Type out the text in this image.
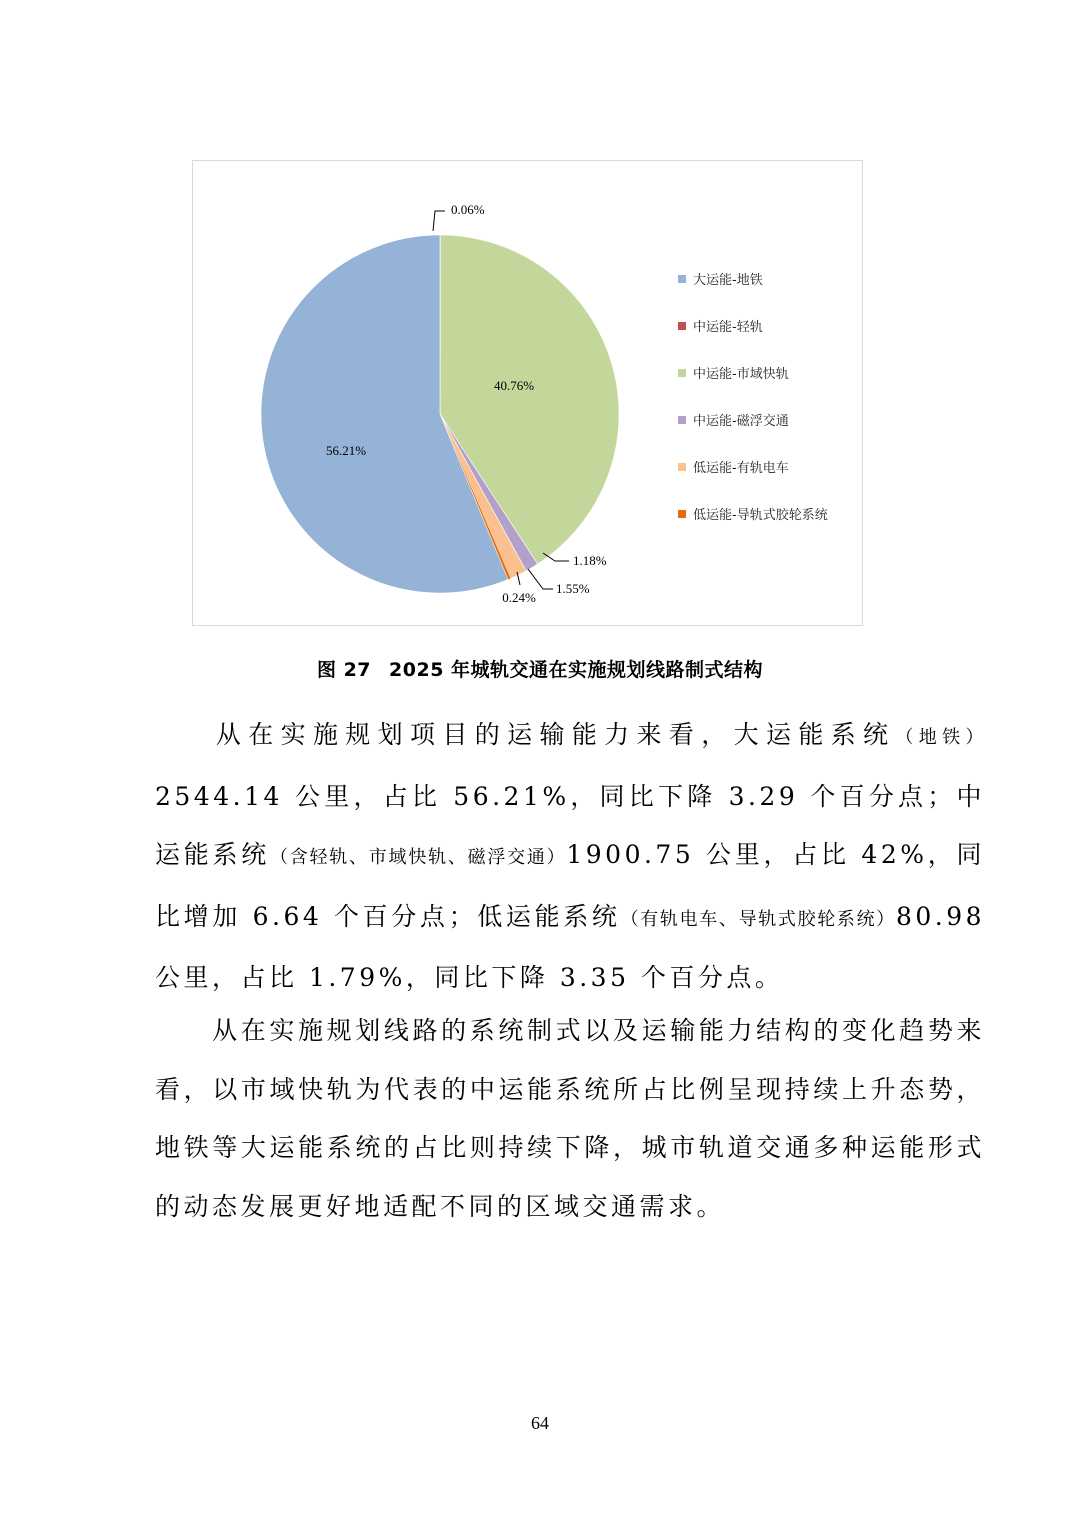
56.21%
40.76%
0.06%
1.18%
1.55%
0.24%
大运能-地铁
中运能-轻轨
中运能-市域快轨
中运能-磁浮交通
低运能-有轨电车
低运能-导轨式胶轮系统
图 27 2025 年城轨交通在实施规划线路制式结构
从在实施规划项目的运输能力来看，大运能系统（地铁）2544.14 公里，占比 56.21%，同比下降 3.29 个百分点；中运能系统（含轻轨、市域快轨、磁浮交通）1900.75 公里，占比 42%，同比增加 6.64 个百分点；低运能系统（有轨电车、导轨式胶轮系统）80.98 公里，占比 1.79%，同比下降 3.35 个百分点。
从在实施规划线路的系统制式以及运输能力结构的变化趋势来看，以市域快轨为代表的中运能系统所占比例呈现持续上升态势，地铁等大运能系统的占比则持续下降，城市轨道交通多种运能形式的动态发展更好地适配不同的区域交通需求。
64
